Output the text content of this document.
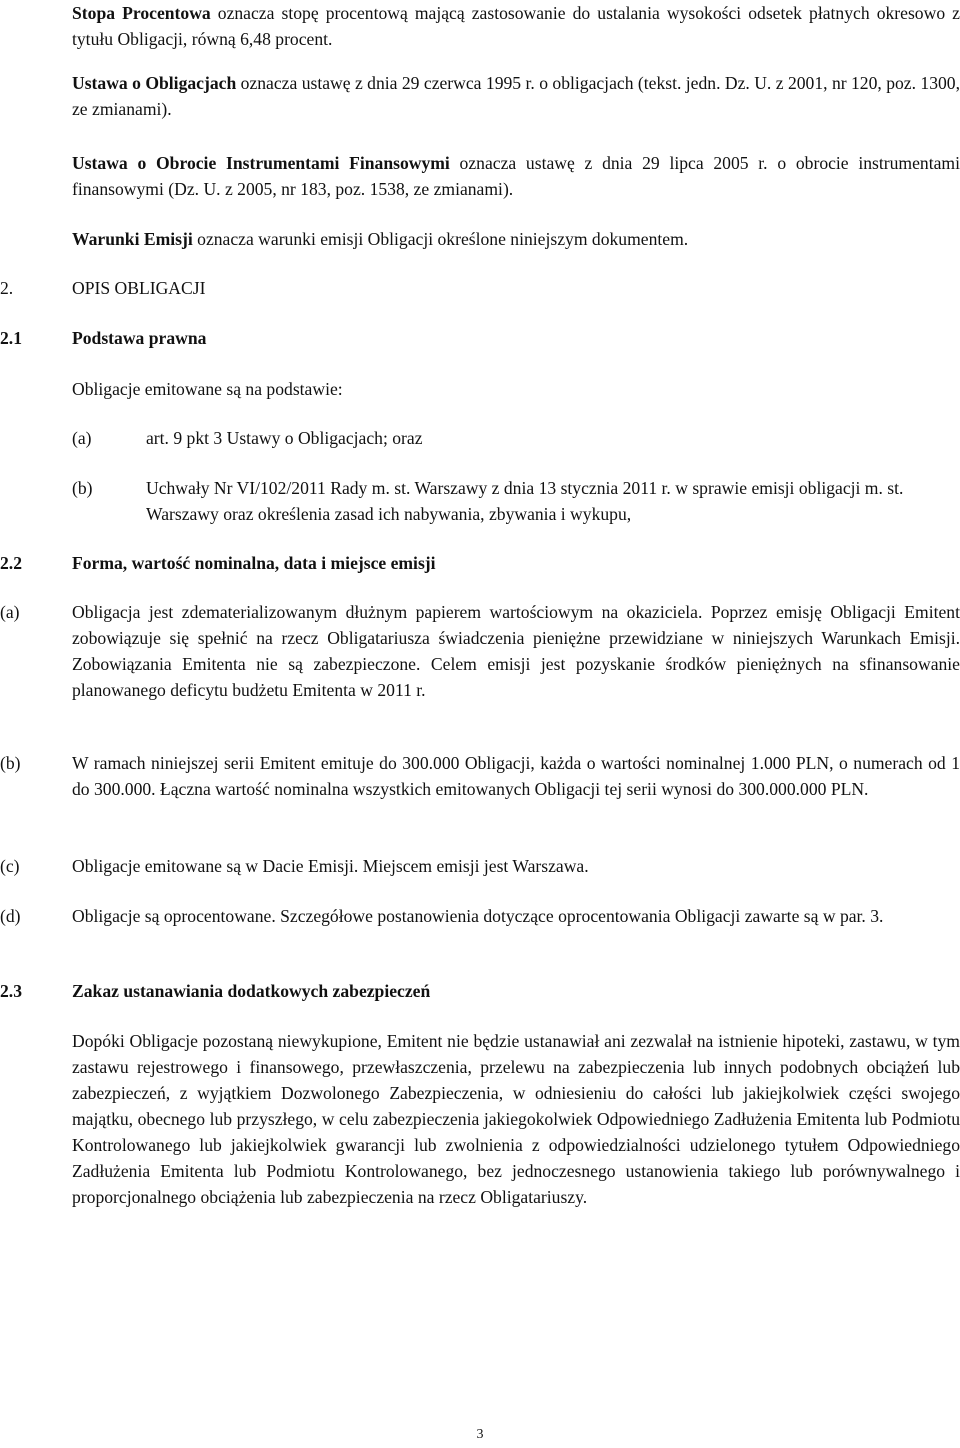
Stopa Procentowa oznacza stopę procentową mającą zastosowanie do ustalania wysokości odsetek płatnych okresowo z tytułu Obligacji, równą 6,48 procent.
Ustawa o Obligacjach oznacza ustawę z dnia 29 czerwca 1995 r. o obligacjach (tekst. jedn. Dz. U. z 2001, nr 120, poz. 1300, ze zmianami).
Ustawa o Obrocie Instrumentami Finansowymi oznacza ustawę z dnia 29 lipca 2005 r. o obrocie instrumentami finansowymi (Dz. U. z 2005, nr 183, poz. 1538, ze zmianami).
Warunki Emisji oznacza warunki emisji Obligacji określone niniejszym dokumentem.
2.	OPIS OBLIGACJI
2.1	Podstawa prawna
Obligacje emitowane są na podstawie:
(a)	art. 9 pkt 3 Ustawy o Obligacjach; oraz
(b)	Uchwały Nr VI/102/2011 Rady m. st. Warszawy z dnia 13 stycznia 2011 r. w sprawie emisji obligacji m. st. Warszawy oraz określenia zasad ich nabywania, zbywania i wykupu,
2.2	Forma, wartość nominalna, data i miejsce emisji
(a)	Obligacja jest zdematerializowanym dłużnym papierem wartościowym na okaziciela. Poprzez emisję Obligacji Emitent zobowiązuje się spełnić na rzecz Obligatariusza świadczenia pieniężne przewidziane w niniejszych Warunkach Emisji. Zobowiązania Emitenta nie są zabezpieczone. Celem emisji jest pozyskanie środków pieniężnych na sfinansowanie planowanego deficytu budżetu Emitenta w 2011 r.
(b)	W ramach niniejszej serii Emitent emituje do 300.000 Obligacji, każda o wartości nominalnej 1.000 PLN, o numerach od 1 do 300.000. Łączna wartość nominalna wszystkich emitowanych Obligacji tej serii wynosi do 300.000.000 PLN.
(c)	Obligacje emitowane są w Dacie Emisji. Miejscem emisji jest Warszawa.
(d)	Obligacje są oprocentowane. Szczegółowe postanowienia dotyczące oprocentowania Obligacji zawarte są w par. 3.
2.3	Zakaz ustanawiania dodatkowych zabezpieczeń
Dopóki Obligacje pozostaną niewykupione, Emitent nie będzie ustanawiał ani zezwalał na istnienie hipoteki, zastawu, w tym zastawu rejestrowego i finansowego, przewłaszczenia, przelewu na zabezpieczenia lub innych podobnych obciążeń lub zabezpieczeń, z wyjątkiem Dozwolonego Zabezpieczenia, w odniesieniu do całości lub jakiejkolwiek części swojego majątku, obecnego lub przyszłego, w celu zabezpieczenia jakiegokolwiek Odpowiedniego Zadłużenia Emitenta lub Podmiotu Kontrolowanego lub jakiejkolwiek gwarancji lub zwolnienia z odpowiedzialności udzielonego tytułem Odpowiedniego Zadłużenia Emitenta lub Podmiotu Kontrolowanego, bez jednoczesnego ustanowienia takiego lub porównywalnego i proporcjonalnego obciążenia lub zabezpieczenia na rzecz Obligatariuszy.
3
